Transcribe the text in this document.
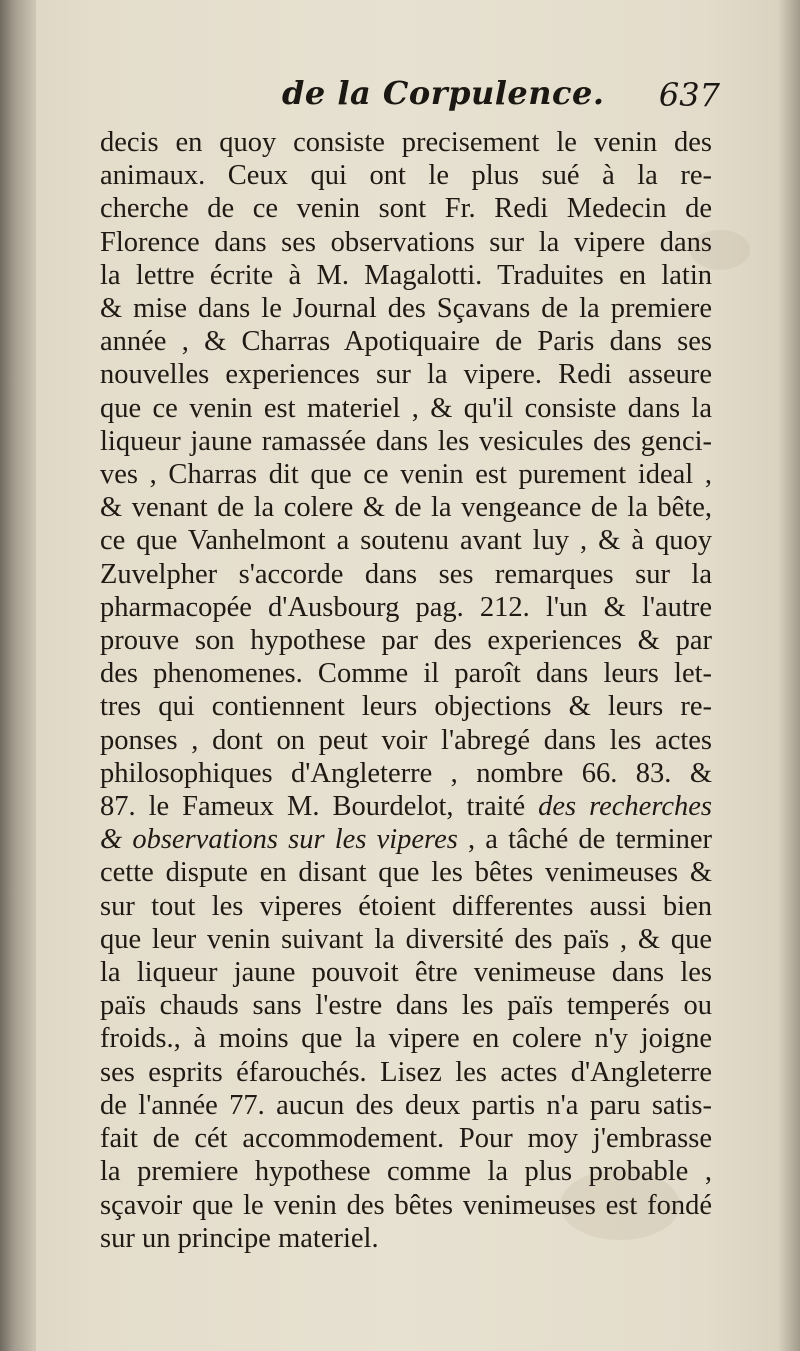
de la Corpulence. 637
decis en quoy consiste precisement le venin des
animaux. Ceux qui ont le plus sué à la re-
cherche de ce venin sont Fr. Redi Medecin de
Florence dans ses observations sur la vipere dans
la lettre écrite à M. Magalotti. Traduites en latin
& mise dans le Journal des Sçavans de la premiere
année , & Charras Apotiquaire de Paris dans ses
nouvelles experiences sur la vipere. Redi asseure
que ce venin est materiel , & qu'il consiste dans la
liqueur jaune ramassée dans les vesicules des genci-
ves , Charras dit que ce venin est purement ideal ,
& venant de la colere & de la vengeance de la bête,
ce que Vanhelmont a soutenu avant luy , & à quoy
Zuvelpher s'accorde dans ses remarques sur la
pharmacopée d'Ausbourg pag. 212. l'un & l'autre
prouve son hypothese par des experiences & par
des phenomenes. Comme il paroît dans leurs let-
tres qui contiennent leurs objections & leurs re-
ponses , dont on peut voir l'abregé dans les actes
philosophiques d'Angleterre , nombre 66. 83. &
87. le Fameux M. Bourdelot, traité des recherches
& observations sur les viperes , a tâché de terminer
cette dispute en disant que les bêtes venimeuses &
sur tout les viperes étoient differentes aussi bien
que leur venin suivant la diversité des païs , & que
la liqueur jaune pouvoit être venimeuse dans les
païs chauds sans l'estre dans les païs temperés ou
froids., à moins que la vipere en colere n'y joigne
ses esprits éfarouchés. Lisez les actes d'Angleterre
de l'année 77. aucun des deux partis n'a paru satis-
fait de cét accommodement. Pour moy j'embrasse
la premiere hypothese comme la plus probable ,
sçavoir que le venin des bêtes venimeuses est fondé
sur un principe materiel.
